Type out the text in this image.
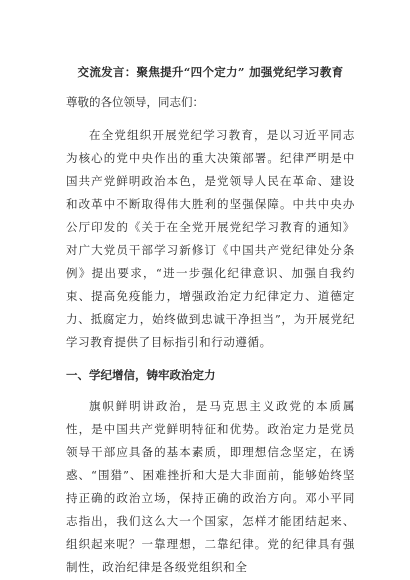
交流发言：聚焦提升“四个定力” 加强党纪学习教育

尊敬的各位领导，同志们：

在全党组织开展党纪学习教育，是以习近平同志为核心的党中央作出的重大决策部署。纪律严明是中国共产党鲜明政治本色，是党领导人民在革命、建设和改革中不断取得伟大胜利的坚强保障。中共中央办公厅印发的《关于在全党开展党纪学习教育的通知》对广大党员干部学习新修订《中国共产党纪律处分条例》提出要求，“进一步强化纪律意识、加强自我约束、提高免疫能力，增强政治定力纪律定力、道德定力、抵腐定力，始终做到忠诚干净担当”，为开展党纪学习教育提供了目标指引和行动遵循。

一、学纪增信，铸牢政治定力

旗帜鲜明讲政治，是马克思主义政党的本质属性，是中国共产党鲜明特征和优势。政治定力是党员领导干部应具备的基本素质，即理想信念坚定，在诱惑、“围猎”、困难挫折和大是大非面前，能够始终坚持正确的政治立场，保持正确的政治方向。邓小平同志指出，我们这么大一个国家，怎样才能团结起来、组织起来呢？一靠理想，二靠纪律。党的纪律具有强制性，政治纪律是各级党组织和全
